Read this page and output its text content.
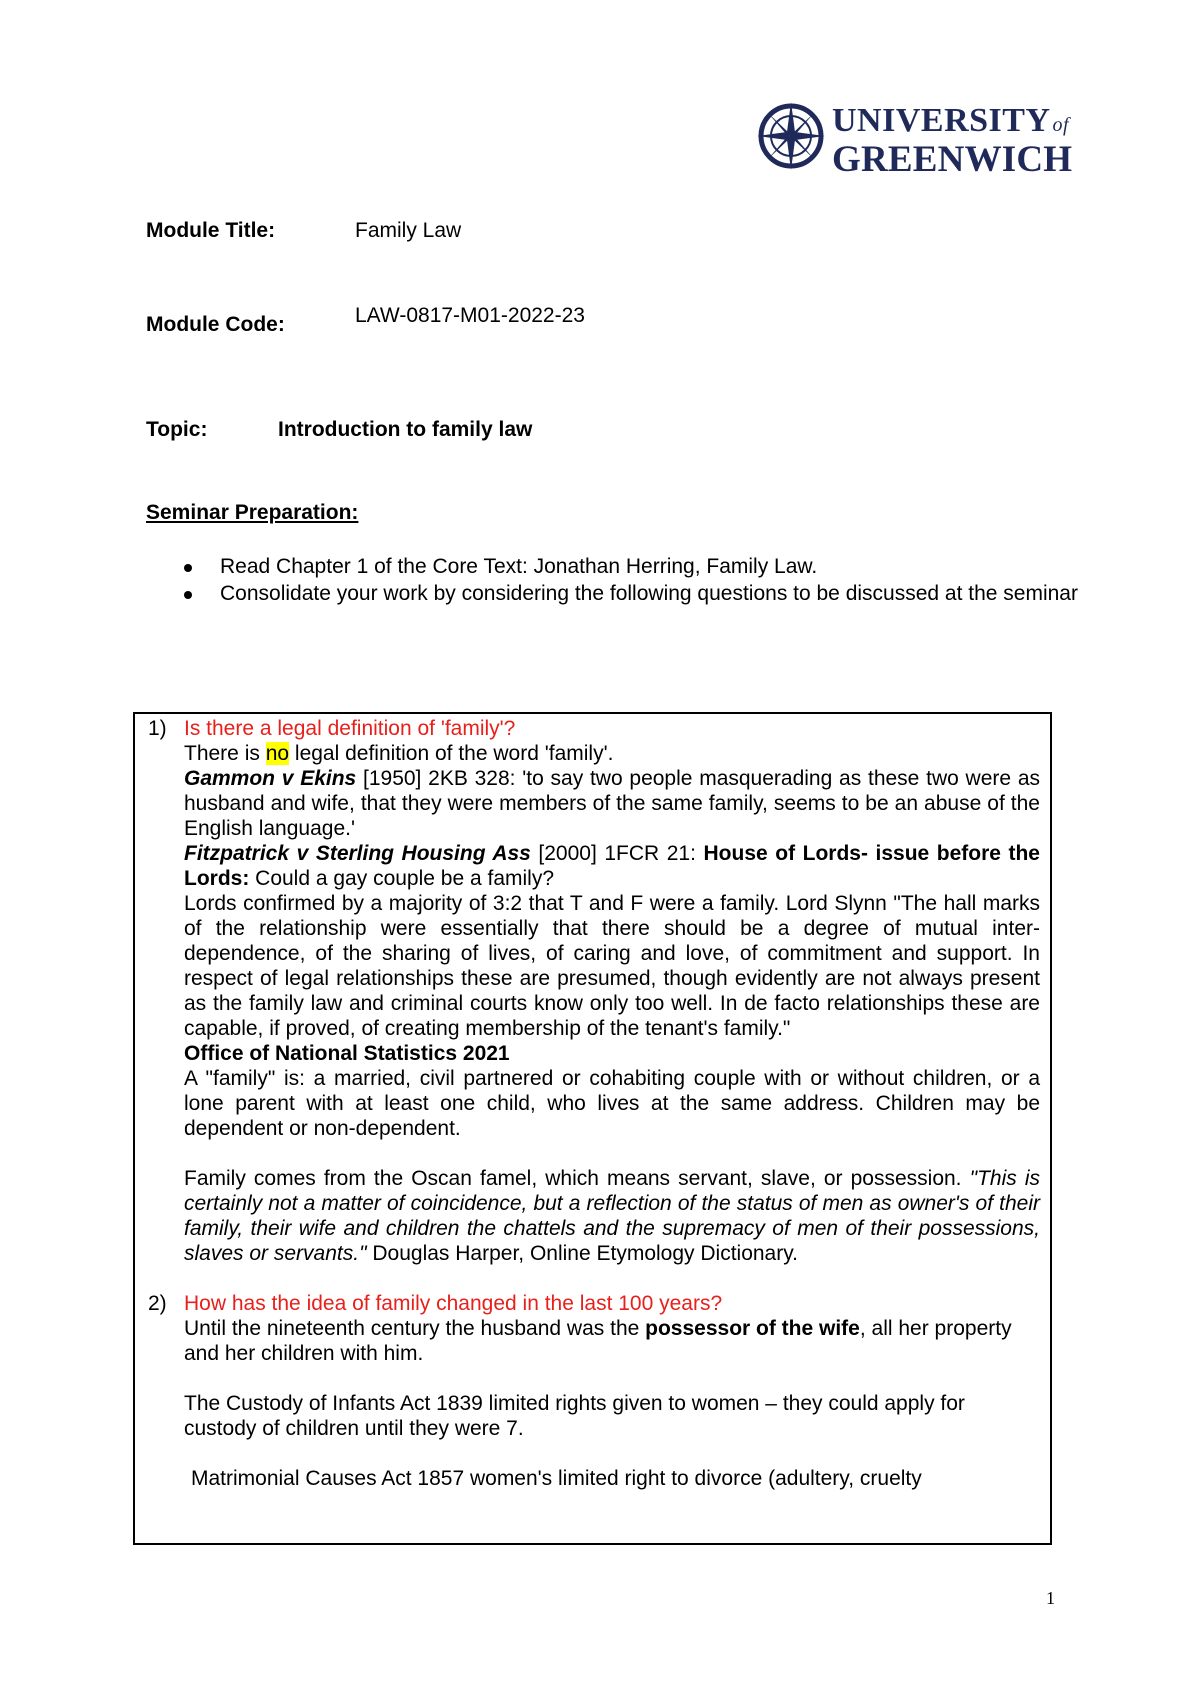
UNIVERSITY of
GREENWICH
Module Title:	Family Law
Module Code:	LAW-0817-M01-2022-23
Topic:	Introduction to family law
Seminar Preparation:
Read Chapter 1 of the Core Text: Jonathan Herring, Family Law.
Consolidate your work by considering the following questions to be discussed at the seminar
1) Is there a legal definition of 'family'?
There is no legal definition of the word 'family'.
Gammon v Ekins [1950] 2KB 328: 'to say two people masquerading as these two were as husband and wife, that they were members of the same family, seems to be an abuse of the English language.'
Fitzpatrick v Sterling Housing Ass [2000] 1FCR 21: House of Lords- issue before the Lords: Could a gay couple be a family?
Lords confirmed by a majority of 3:2 that T and F were a family. Lord Slynn "The hall marks of the relationship were essentially that there should be a degree of mutual inter-dependence, of the sharing of lives, of caring and love, of commitment and support. In respect of legal relationships these are presumed, though evidently are not always present as the family law and criminal courts know only too well. In de facto relationships these are capable, if proved, of creating membership of the tenant's family."
Office of National Statistics 2021
A "family" is: a married, civil partnered or cohabiting couple with or without children, or a lone parent with at least one child, who lives at the same address. Children may be dependent or non-dependent.
Family comes from the Oscan famel, which means servant, slave, or possession. "This is certainly not a matter of coincidence, but a reflection of the status of men as owner's of their family, their wife and children the chattels and the supremacy of men of their possessions, slaves or servants." Douglas Harper, Online Etymology Dictionary.
2) How has the idea of family changed in the last 100 years?
Until the nineteenth century the husband was the possessor of the wife, all her property and her children with him.
The Custody of Infants Act 1839 limited rights given to women – they could apply for custody of children until they were 7.
Matrimonial Causes Act 1857 women's limited right to divorce (adultery, cruelty
1
